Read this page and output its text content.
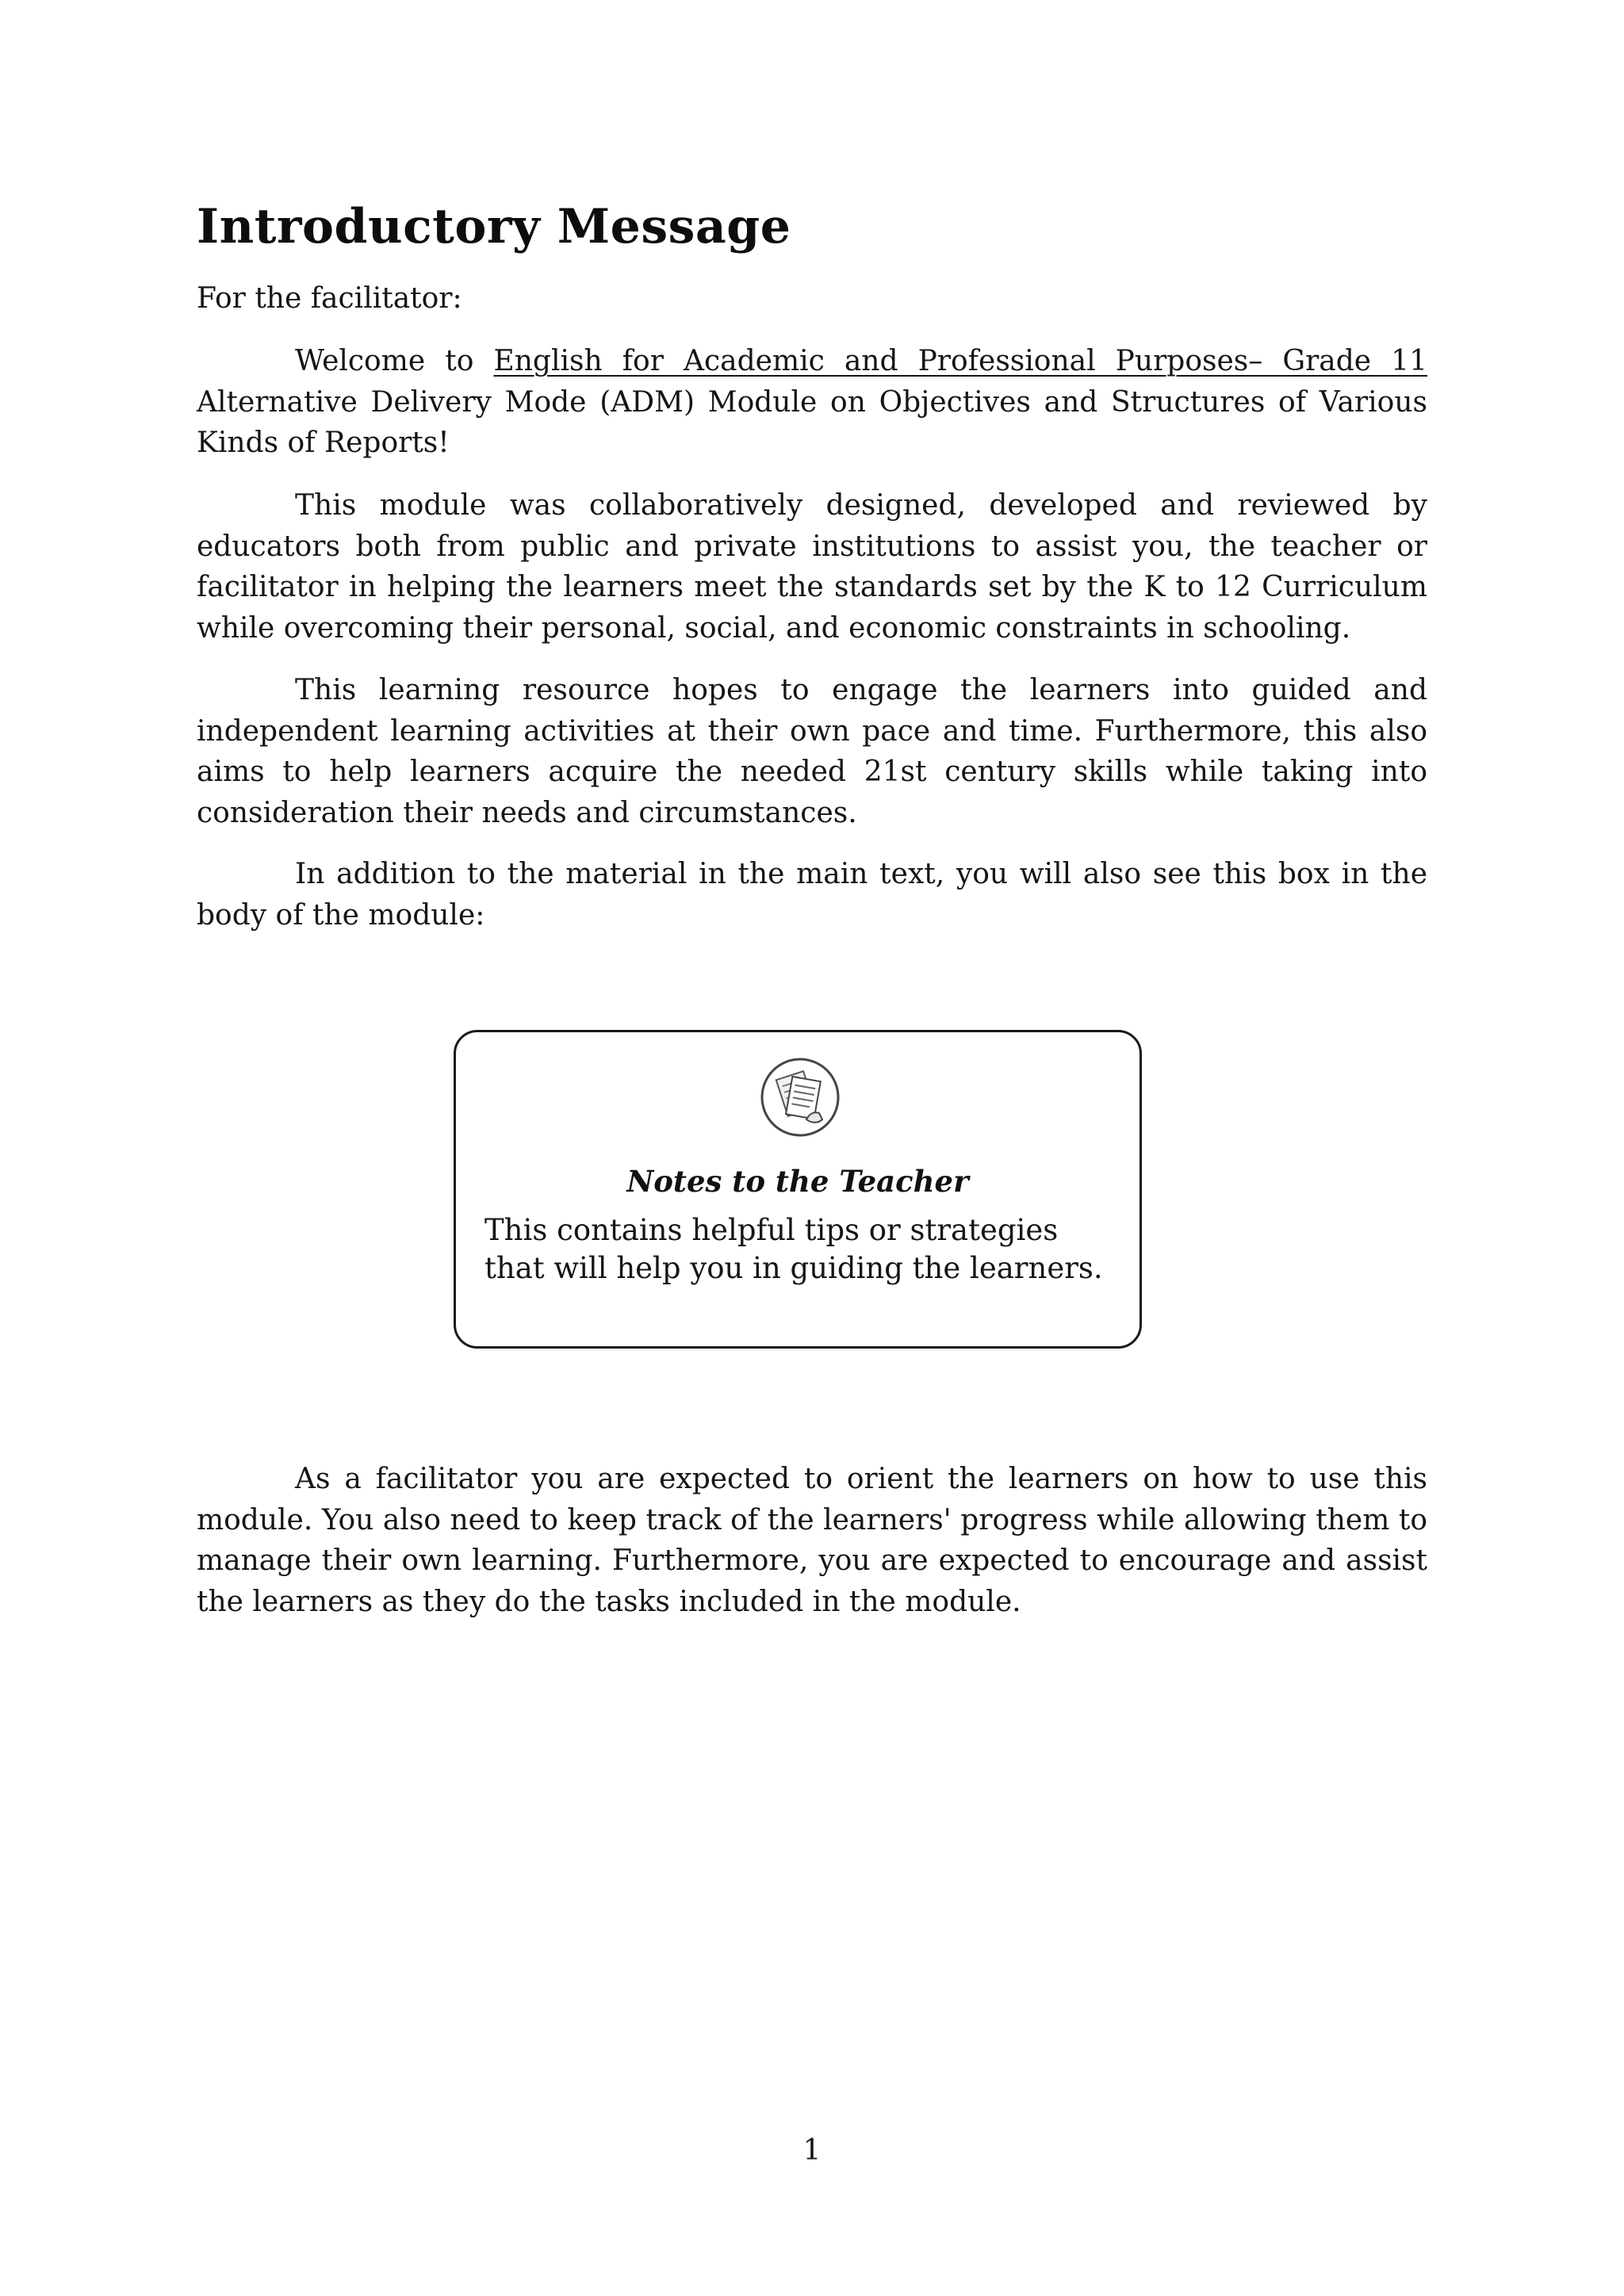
Introductory Message
For the facilitator:

Welcome to English for Academic and Professional Purposes– Grade 11 Alternative Delivery Mode (ADM) Module on Objectives and Structures of Various Kinds of Reports!

This module was collaboratively designed, developed and reviewed by educators both from public and private institutions to assist you, the teacher or facilitator in helping the learners meet the standards set by the K to 12 Curriculum while overcoming their personal, social, and economic constraints in schooling.

This learning resource hopes to engage the learners into guided and independent learning activities at their own pace and time. Furthermore, this also aims to help learners acquire the needed 21st century skills while taking into consideration their needs and circumstances.

In addition to the material in the main text, you will also see this box in the body of the module:

Notes to the Teacher

This contains helpful tips or strategies that will help you in guiding the learners.

As a facilitator you are expected to orient the learners on how to use this module. You also need to keep track of the learners' progress while allowing them to manage their own learning. Furthermore, you are expected to encourage and assist the learners as they do the tasks included in the module.

1
